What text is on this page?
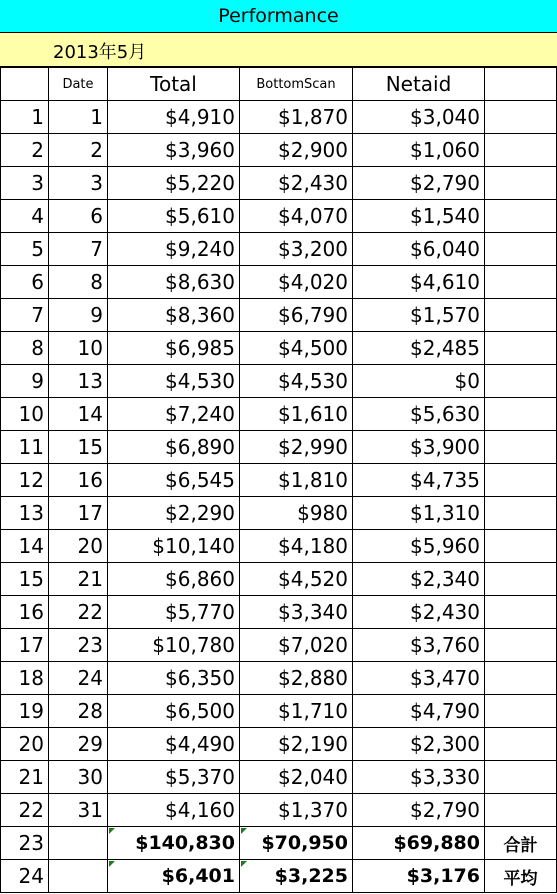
Performance
2013年5月
	Date	Total	BottomScan	Netaid	
1	1	$4,910	$1,870	$3,040	
2	2	$3,960	$2,900	$1,060	
3	3	$5,220	$2,430	$2,790	
4	6	$5,610	$4,070	$1,540	
5	7	$9,240	$3,200	$6,040	
6	8	$8,630	$4,020	$4,610	
7	9	$8,360	$6,790	$1,570	
8	10	$6,985	$4,500	$2,485	
9	13	$4,530	$4,530	$0	
10	14	$7,240	$1,610	$5,630	
11	15	$6,890	$2,990	$3,900	
12	16	$6,545	$1,810	$4,735	
13	17	$2,290	$980	$1,310	
14	20	$10,140	$4,180	$5,960	
15	21	$6,860	$4,520	$2,340	
16	22	$5,770	$3,340	$2,430	
17	23	$10,780	$7,020	$3,760	
18	24	$6,350	$2,880	$3,470	
19	28	$6,500	$1,710	$4,790	
20	29	$4,490	$2,190	$2,300	
21	30	$5,370	$2,040	$3,330	
22	31	$4,160	$1,370	$2,790	
23		$140,830	$70,950	$69,880	合計
24		$6,401	$3,225	$3,176	平均
